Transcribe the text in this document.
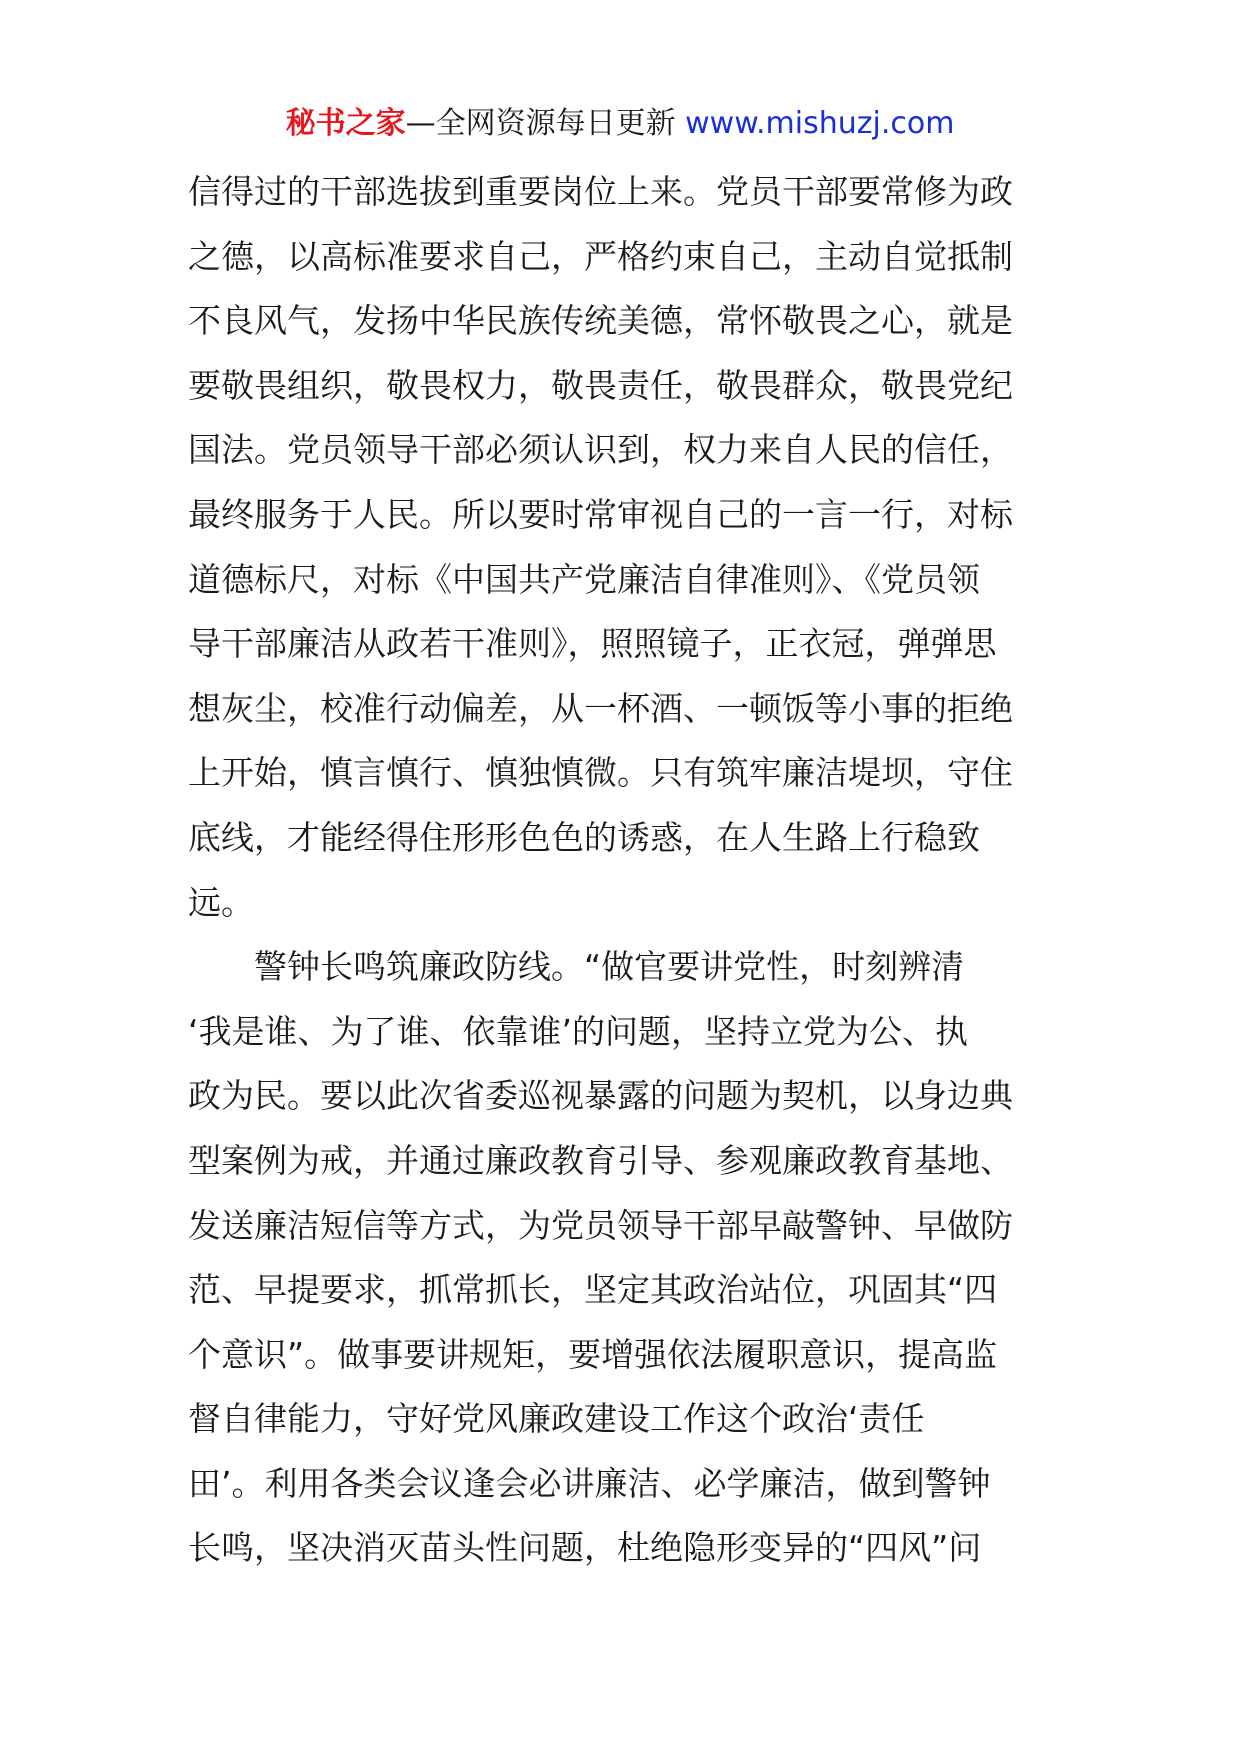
秘书之家—全网资源每日更新 www.mishuzj.com
信得过的干部选拔到重要岗位上来。党员干部要常修为政
之德，以高标准要求自己，严格约束自己，主动自觉抵制
不良风气，发扬中华民族传统美德，常怀敬畏之心，就是
要敬畏组织，敬畏权力，敬畏责任，敬畏群众，敬畏党纪
国法。党员领导干部必须认识到，权力来自人民的信任，
最终服务于人民。所以要时常审视自己的一言一行，对标
道德标尺，对标《中国共产党廉洁自律准则》、《党员领
导干部廉洁从政若干准则》，照照镜子，正衣冠，弹弹思
想灰尘，校准行动偏差，从一杯酒、一顿饭等小事的拒绝
上开始，慎言慎行、慎独慎微。只有筑牢廉洁堤坝，守住
底线，才能经得住形形色色的诱惑，在人生路上行稳致
远。
　　警钟长鸣筑廉政防线。“做官要讲党性，时刻辨清
‘我是谁、为了谁、依靠谁’的问题，坚持立党为公、执
政为民。要以此次省委巡视暴露的问题为契机，以身边典
型案例为戒，并通过廉政教育引导、参观廉政教育基地、
发送廉洁短信等方式，为党员领导干部早敲警钟、早做防
范、早提要求，抓常抓长，坚定其政治站位，巩固其“四
个意识”。做事要讲规矩，要增强依法履职意识，提高监
督自律能力，守好党风廉政建设工作这个政治‘责任
田’。利用各类会议逢会必讲廉洁、必学廉洁，做到警钟
长鸣，坚决消灭苗头性问题，杜绝隐形变异的“四风”问
